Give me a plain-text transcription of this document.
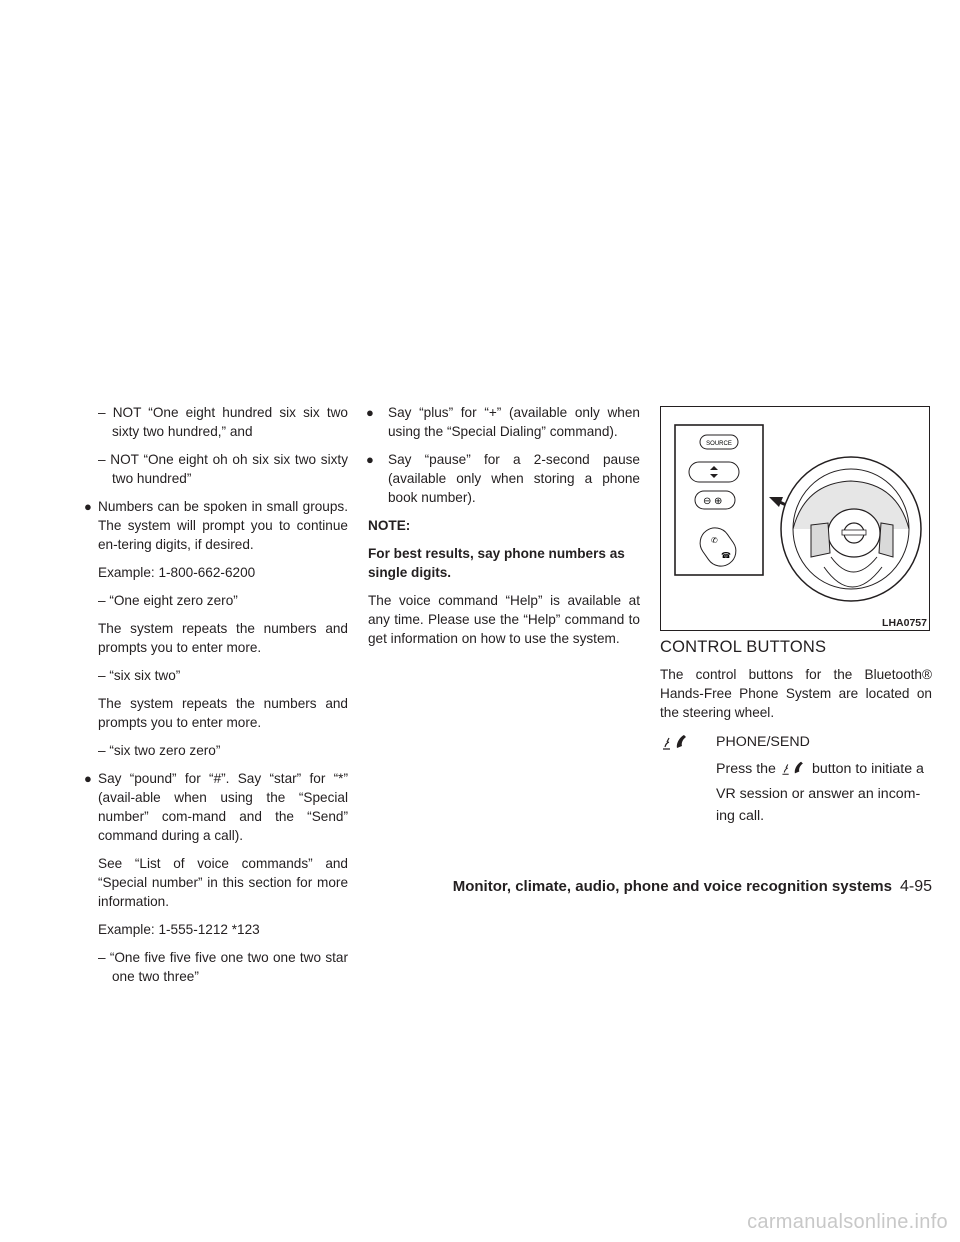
– NOT “One eight hundred six six two sixty two hundred,” and

– NOT “One eight oh oh six six two sixty two hundred”

● Numbers can be spoken in small groups. The system will prompt you to continue en-tering digits, if desired.

Example: 1-800-662-6200

– “One eight zero zero”

The system repeats the numbers and prompts you to enter more.

– “six six two”

The system repeats the numbers and prompts you to enter more.

– “six two zero zero”

● Say “pound” for “#”. Say “star” for “*” (avail-able when using the “Special number” com-mand and the “Send” command during a call).

See “List of voice commands” and “Special number” in this section for more information.

Example: 1-555-1212 *123

– “One five five five one two one two star one two three”

● Say “plus” for “+” (available only when using the “Special Dialing” command).

● Say “pause” for a 2-second pause (available only when storing a phone book number).

NOTE:

For best results, say phone numbers as single digits.

The voice command “Help” is available at any time. Please use the “Help” command to get information on how to use the system.

SOURCE
⊖ ⊕
✆
☎
LHA0757
CONTROL BUTTONS

The control buttons for the Bluetooth® Hands-Free Phone System are located on the steering wheel.

PHONE/SEND
Press the	button to initiate a VR session or answer an incom-ing call.
Monitor, climate, audio, phone and voice recognition systems 4-95
carmanualsonline.info
